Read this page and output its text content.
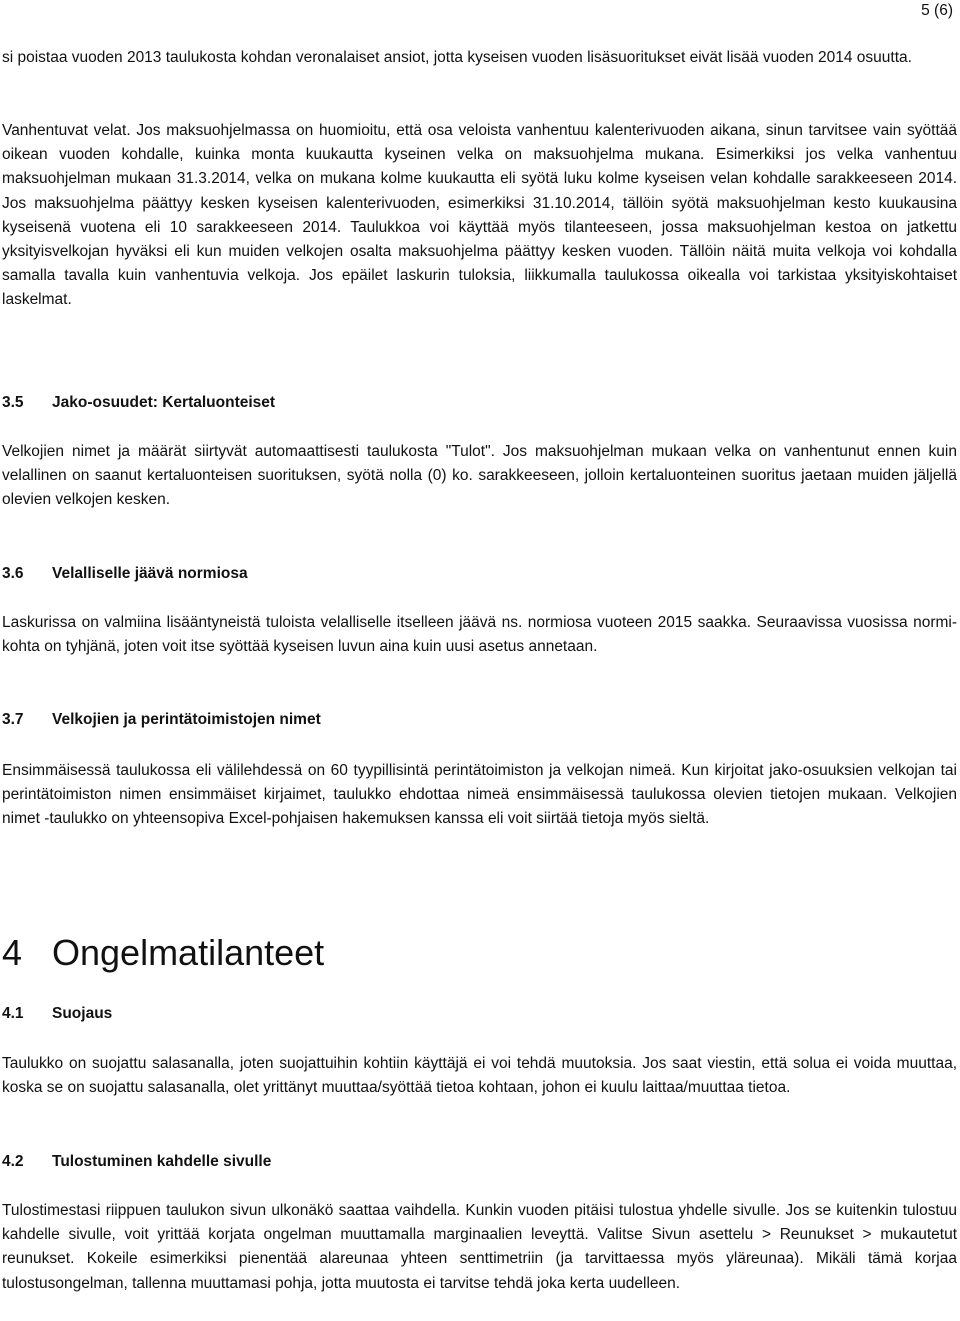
5 (6)

si poistaa vuoden 2013 taulukosta kohdan veronalaiset ansiot, jotta kyseisen vuoden lisäsuoritukset eivät lisää vuoden 2014 osuutta.

Vanhentuvat velat. Jos maksuohjelmassa on huomioitu, että osa veloista vanhentuu kalenterivuoden aikana, sinun tarvitsee vain syöttää oikean vuoden kohdalle, kuinka monta kuukautta kyseinen velka on maksuohjelma mukana. Esimerkiksi jos velka vanhentuu maksuohjelman mukaan 31.3.2014, velka on mukana kolme kuukautta eli syötä luku kolme kyseisen velan kohdalle sarakkeeseen 2014. Jos maksuohjelma päättyy kesken kyseisen kalenterivuoden, esimerkiksi 31.10.2014, tällöin syötä maksuohjelman kesto kuukausina kyseisenä vuotena eli 10 sarakkeeseen 2014. Taulukkoa voi käyttää myös tilanteeseen, jossa maksuohjelman kestoa on jatkettu yksityisvelkojan hyväksi eli kun muiden velkojen osalta maksuohjelma päättyy kesken vuoden. Tällöin näitä muita velkoja voi kohdalla samalla tavalla kuin vanhentuvia velkoja. Jos epäilet laskurin tuloksia, liikkumalla taulukossa oikealla voi tarkistaa yksityiskohtaiset laskelmat.

3.5 Jako-osuudet: Kertaluonteiset

Velkojien nimet ja määrät siirtyvät automaattisesti taulukosta "Tulot". Jos maksuohjelman mukaan velka on vanhentunut ennen kuin velallinen on saanut kertaluonteisen suorituksen, syötä nolla (0) ko. sarakkeeseen, jolloin kertaluonteinen suoritus jaetaan muiden jäljellä olevien velkojen kesken.

3.6 Velalliselle jäävä normiosa

Laskurissa on valmiina lisääntyneistä tuloista velalliselle itselleen jäävä ns. normiosa vuoteen 2015 saakka. Seuraavissa vuosissa normi-kohta on tyhjänä, joten voit itse syöttää kyseisen luvun aina kuin uusi asetus annetaan.

3.7 Velkojien ja perintätoimistojen nimet

Ensimmäisessä taulukossa eli välilehdessä on 60 tyypillisintä perintätoimiston ja velkojan nimeä. Kun kirjoitat jako-osuuksien velkojan tai perintätoimiston nimen ensimmäiset kirjaimet, taulukko ehdottaa nimeä ensimmäisessä taulukossa olevien tietojen mukaan. Velkojien nimet -taulukko on yhteensopiva Excel-pohjaisen hakemuksen kanssa eli voit siirtää tietoja myös sieltä.

4 Ongelmatilanteet
4.1 Suojaus

Taulukko on suojattu salasanalla, joten suojattuihin kohtiin käyttäjä ei voi tehdä muutoksia. Jos saat viestin, että solua ei voida muuttaa, koska se on suojattu salasanalla, olet yrittänyt muuttaa/syöttää tietoa kohtaan, johon ei kuulu laittaa/muuttaa tietoa.

4.2 Tulostuminen kahdelle sivulle

Tulostimestasi riippuen taulukon sivun ulkonäkö saattaa vaihdella. Kunkin vuoden pitäisi tulostua yhdelle sivulle. Jos se kuitenkin tulostuu kahdelle sivulle, voit yrittää korjata ongelman muuttamalla marginaalien leveyttä. Valitse Sivun asettelu > Reunukset > mukautetut reunukset. Kokeile esimerkiksi pienentää alareunaa yhteen senttimetriin (ja tarvittaessa myös yläreunaa). Mikäli tämä korjaa tulostusongelman, tallenna muuttamasi pohja, jotta muutosta ei tarvitse tehdä joka kerta uudelleen.
